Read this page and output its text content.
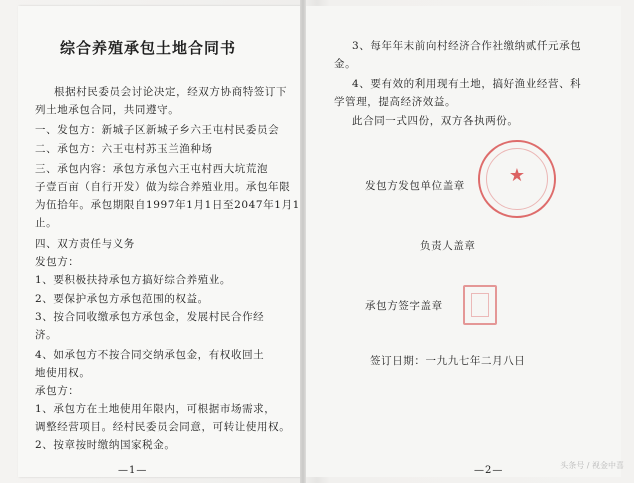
综合养殖承包土地合同书
根据村民委员会讨论决定，经双方协商特签订下
列土地承包合同，共同遵守。
一、发包方：新城子区新城子乡六王屯村民委员会
二、承包方：六王屯村苏玉兰渔种场
三、承包内容：承包方承包六王屯村西大坑荒泡
子壹百亩（自行开发）做为综合养殖业用。承包年限
为伍拾年。承包期限自1997年1月1日至2047年1月1
止。
四、双方责任与义务
发包方：
1、要积极扶持承包方搞好综合养殖业。
2、要保护承包方承包范围的权益。
3、按合同收缴承包方承包金，发展村民合作经
济。
4、如承包方不按合同交纳承包金，有权收回土
地使用权。
承包方：
1、承包方在土地使用年限内，可根据市场需求，
调整经营项目。经村民委员会同意，可转让使用权。
2、按章按时缴纳国家税金。
—1—
3、每年年末前向村经济合作社缴纳贰仟元承包
金。
4、要有效的利用现有土地，搞好渔业经营、科
学管理，提高经济效益。
此合同一式四份，双方各执两份。
发包方发包单位盖章
负责人盖章
承包方签字盖章
签订日期：一九九七年二月八日
—2—
★
头条号 / 视金中喜
